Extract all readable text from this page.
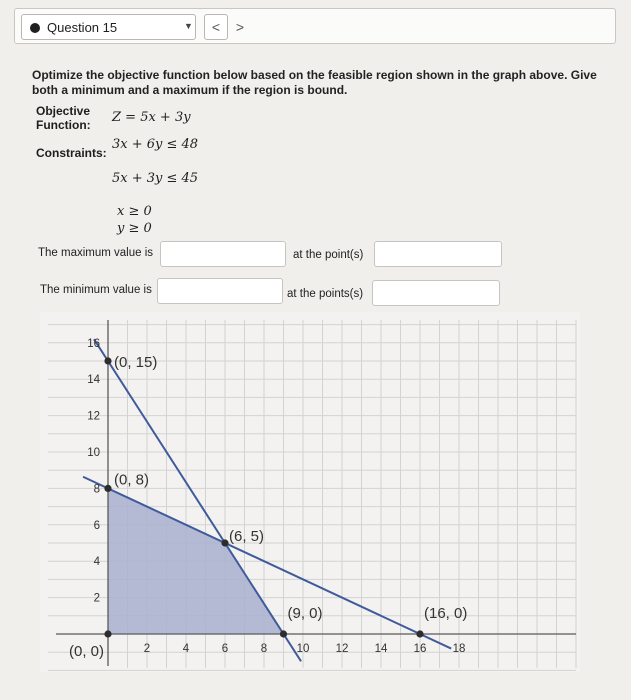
Question 15	▼	<	>
Optimize the objective function below based on the feasible region shown in the graph above. Give both a minimum and a maximum if the region is bound.
Objective
Function: Z = 5x + 3y
Constraints:
3x + 6y ≤ 48
5x + 3y ≤ 45
x ≥ 0
y ≥ 0
The maximum value is	at the point(s)
The minimum value is	at the points(s)
2	4	6	8	10 12 14 16 18
2
4
6
8
10
12
14
16
(0, 15)
(0, 8)
(6, 5)
(9, 0)	(16, 0)
(0, 0)
